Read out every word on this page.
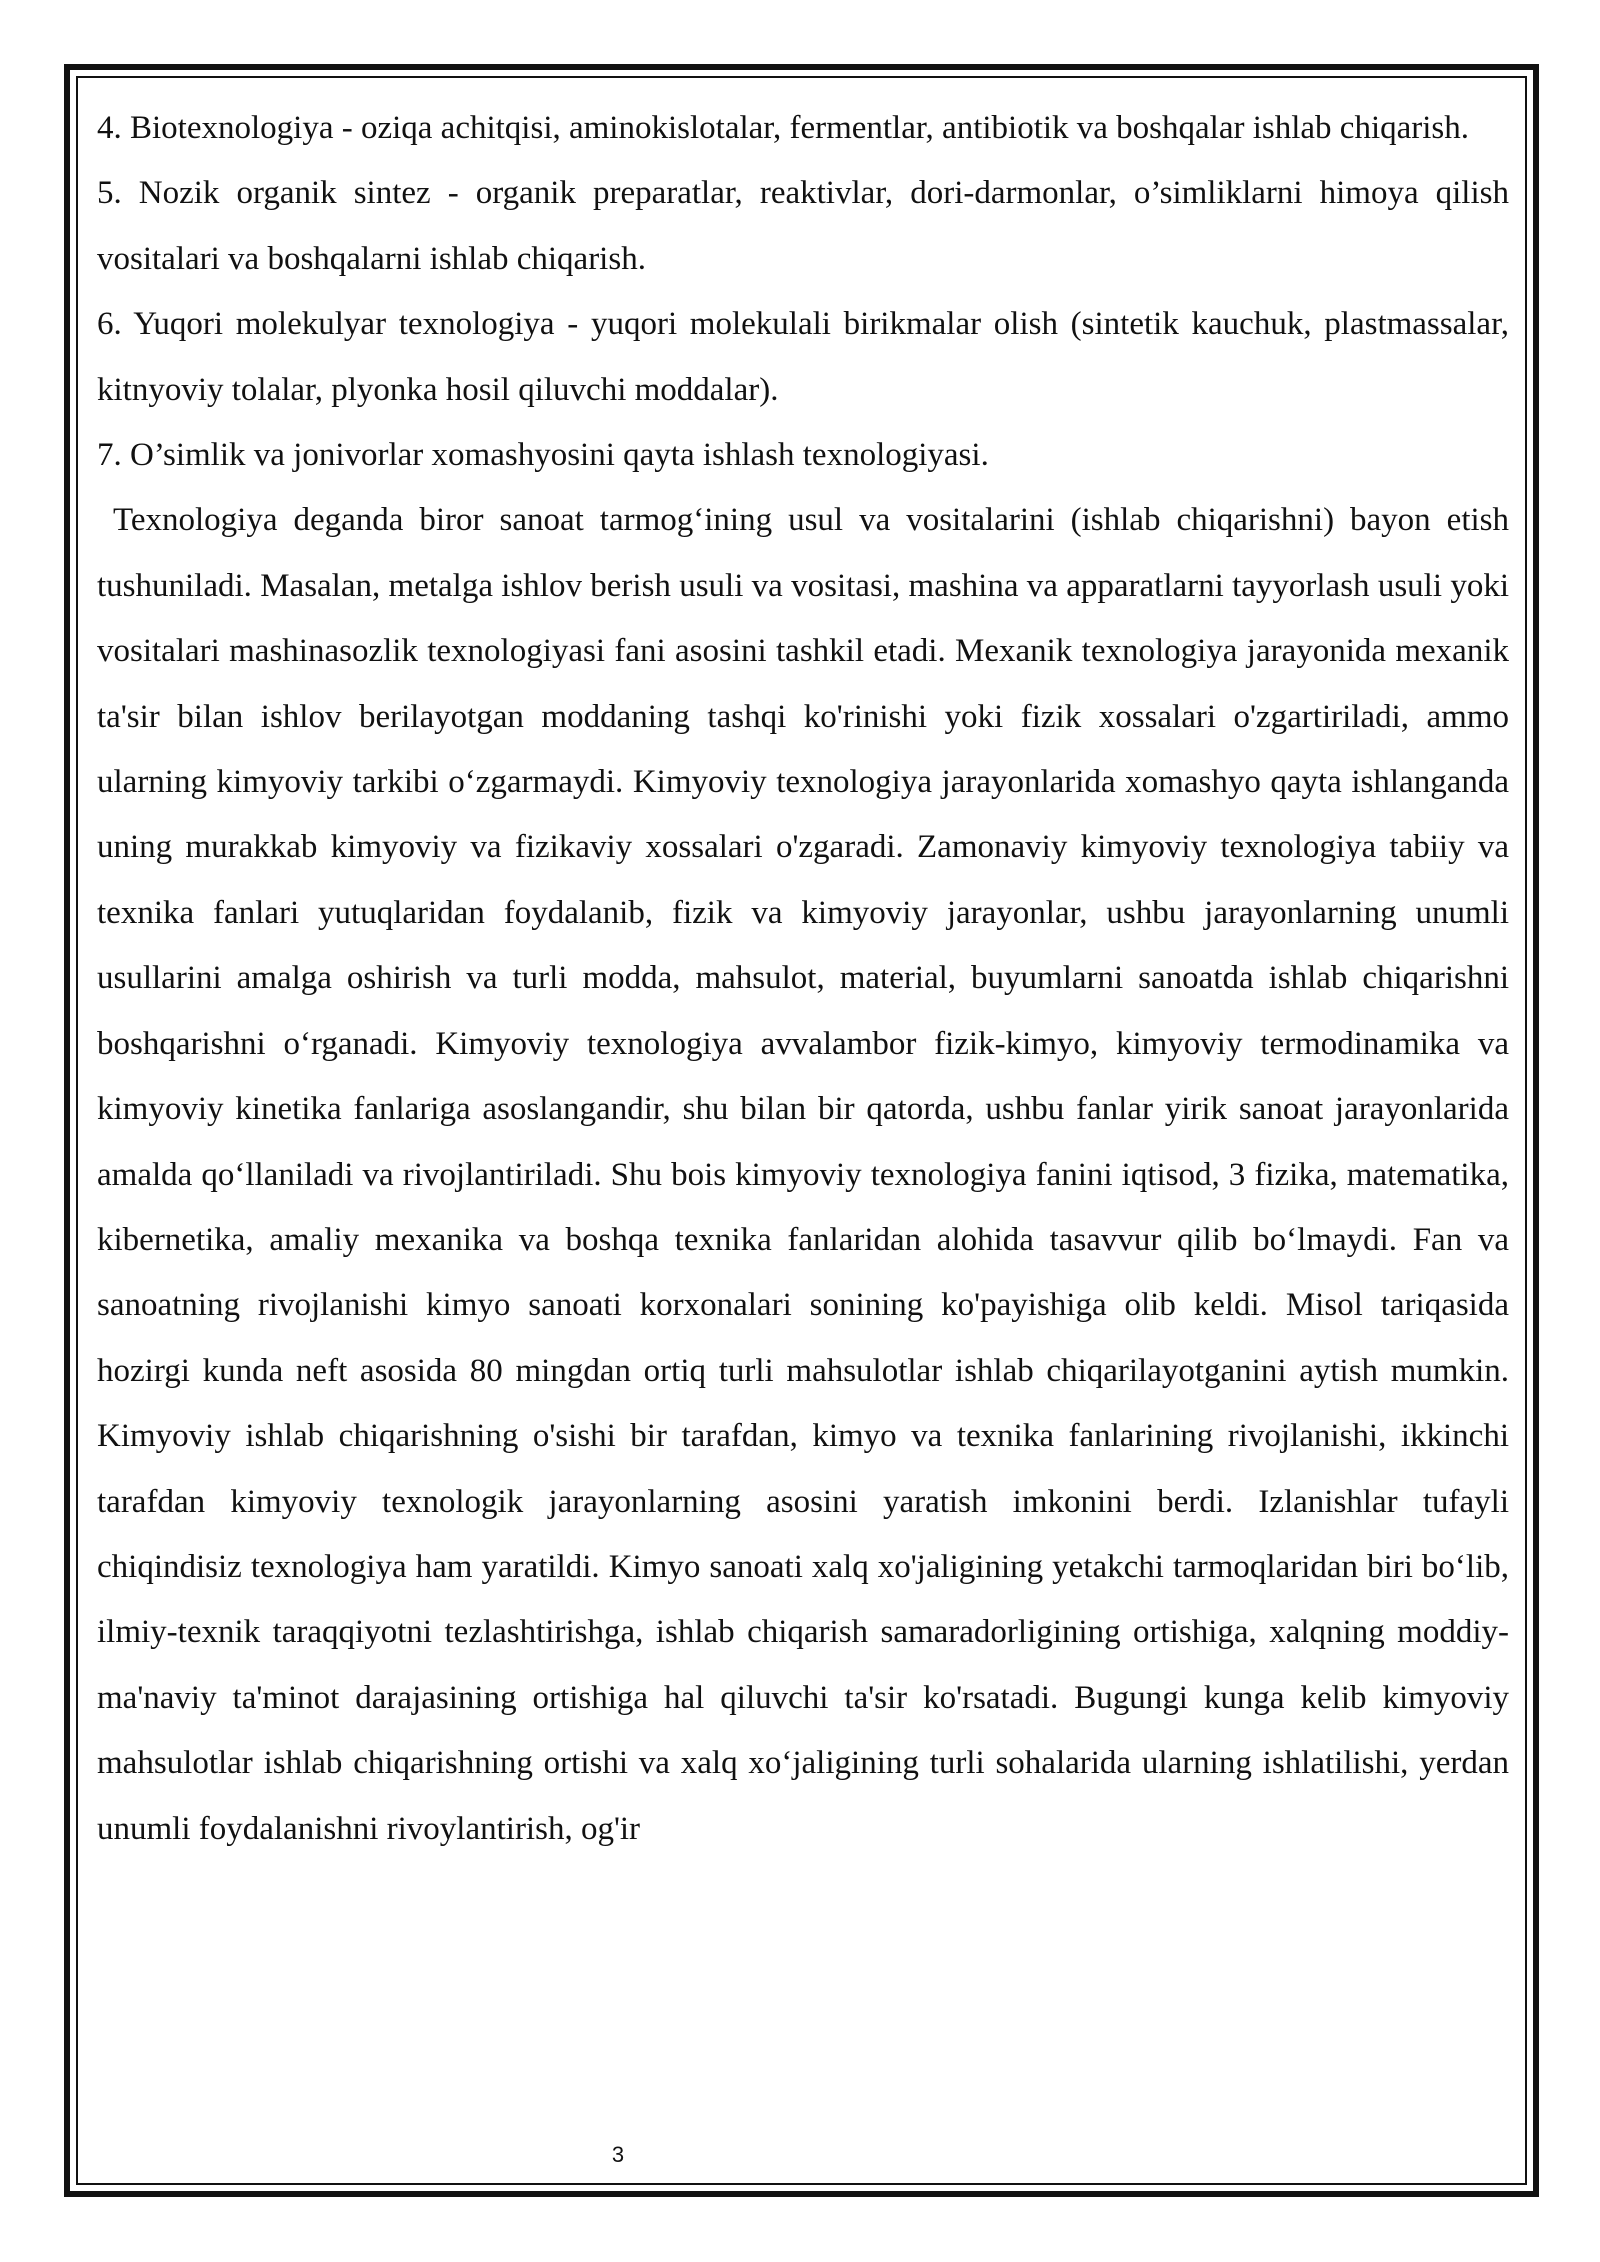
4. Biotexnologiya - oziqa achitqisi, aminokislotalar, fermentlar, antibiotik va boshqalar ishlab chiqarish.

5. Nozik organik sintez - organik preparatlar, reaktivlar, dori-darmonlar, o’simliklarni himoya qilish vositalari va boshqalarni ishlab chiqarish.

6. Yuqori molekulyar texnologiya - yuqori molekulali birikmalar olish (sintetik kauchuk, plastmassalar, kitnyoviy tolalar, plyonka hosil qiluvchi moddalar).

7. O’simlik va jonivorlar xomashyosini qayta ishlash texnologiyasi.

Texnologiya deganda biror sanoat tarmog‘ining usul va vositalarini (ishlab chiqarishni) bayon etish tushuniladi. Masalan, metalga ishlov berish usuli va vositasi, mashina va apparatlarni tayyorlash usuli yoki vositalari mashinasozlik texnologiyasi fani asosini tashkil etadi. Mexanik texnologiya jarayonida mexanik ta'sir bilan ishlov berilayotgan moddaning tashqi ko'rinishi yoki fizik xossalari o'zgartiriladi, ammo ularning kimyoviy tarkibi o‘zgarmaydi. Kimyoviy texnologiya jarayonlarida xomashyo qayta ishlanganda uning murakkab kimyoviy va fizikaviy xossalari o'zgaradi. Zamonaviy kimyoviy texnologiya tabiiy va texnika fanlari yutuqlaridan foydalanib, fizik va kimyoviy jarayonlar, ushbu jarayonlarning unumli usullarini amalga oshirish va turli modda, mahsulot, material, buyumlarni sanoatda ishlab chiqarishni boshqarishni o‘rganadi. Kimyoviy texnologiya avvalambor fizik-kimyo, kimyoviy termodinamika va kimyoviy kinetika fanlariga asoslangandir, shu bilan bir qatorda, ushbu fanlar yirik sanoat jarayonlarida amalda qo‘llaniladi va rivojlantiriladi. Shu bois kimyoviy texnologiya fanini iqtisod, 3 fizika, matematika, kibernetika, amaliy mexanika va boshqa texnika fanlaridan alohida tasavvur qilib bo‘lmaydi. Fan va sanoatning rivojlanishi kimyo sanoati korxonalari sonining ko'payishiga olib keldi. Misol tariqasida hozirgi kunda neft asosida 80 mingdan ortiq turli mahsulotlar ishlab chiqarilayotganini aytish mumkin. Kimyoviy ishlab chiqarishning o'sishi bir tarafdan, kimyo va texnika fanlarining rivojlanishi, ikkinchi tarafdan kimyoviy texnologik jarayonlarning asosini yaratish imkonini berdi. Izlanishlar tufayli chiqindisiz texnologiya ham yaratildi. Kimyo sanoati xalq xo'jaligining yetakchi tarmoqlaridan biri bo‘lib, ilmiy-texnik taraqqiyotni tezlashtirishga, ishlab chiqarish samaradorligining ortishiga, xalqning moddiy-ma'naviy ta'minot darajasining ortishiga hal qiluvchi ta'sir ko'rsatadi. Bugungi kunga kelib kimyoviy mahsulotlar ishlab chiqarishning ortishi va xalq xo‘jaligining turli sohalarida ularning ishlatilishi, yerdan unumli foydalanishni rivoylantirish, og'ir

3
